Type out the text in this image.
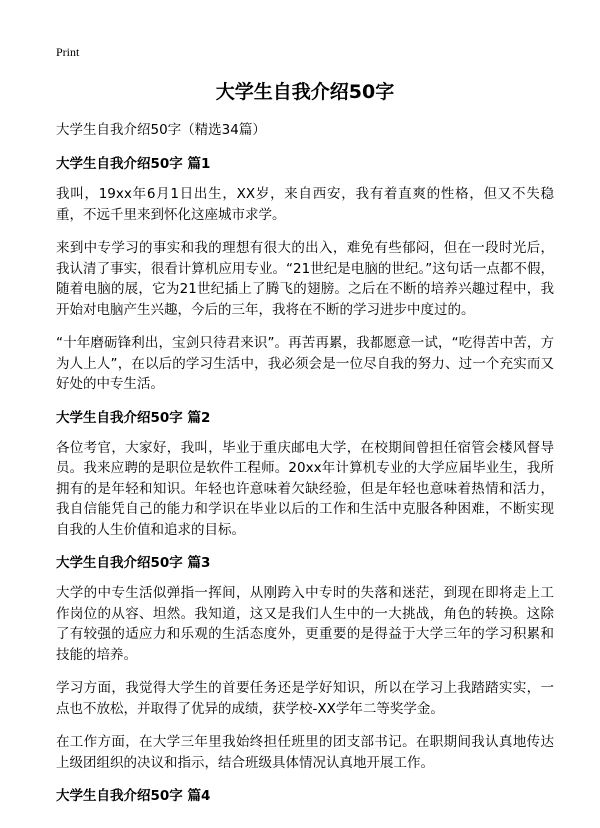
Print
大学生自我介绍50字
大学生自我介绍50字（精选34篇）
大学生自我介绍50字 篇1

我叫，19xx年6月1日出生，XX岁，来自西安，我有着直爽的性格，但又不失稳重，不远千里来到怀化这座城市求学。

来到中专学习的事实和我的理想有很大的出入，难免有些郁闷，但在一段时光后，我认清了事实，很看计算机应用专业。“21世纪是电脑的世纪。”这句话一点都不假，随着电脑的展，它为21世纪插上了腾飞的翅膀。之后在不断的培养兴趣过程中，我开始对电脑产生兴趣，今后的三年，我将在不断的学习进步中度过的。

“十年磨砺锋利出，宝剑只待君来识”。再苦再累，我都愿意一试，“吃得苦中苦，方为人上人”，在以后的学习生活中，我必须会是一位尽自我的努力、过一个充实而又好处的中专生活。

大学生自我介绍50字 篇2

各位考官，大家好，我叫，毕业于重庆邮电大学，在校期间曾担任宿管会楼风督导员。我来应聘的是职位是软件工程师。20xx年计算机专业的大学应届毕业生，我所拥有的是年轻和知识。年轻也许意味着欠缺经验，但是年轻也意味着热情和活力，我自信能凭自己的能力和学识在毕业以后的工作和生活中克服各种困难，不断实现自我的人生价值和追求的目标。

大学生自我介绍50字 篇3

大学的中专生活似弹指一挥间，从刚跨入中专时的失落和迷茫，到现在即将走上工作岗位的从容、坦然。我知道，这又是我们人生中的一大挑战，角色的转换。这除了有较强的适应力和乐观的生活态度外，更重要的是得益于大学三年的学习积累和技能的培养。

学习方面，我觉得大学生的首要任务还是学好知识，所以在学习上我踏踏实实，一点也不放松，并取得了优异的成绩，获学校-XX学年二等奖学金。

在工作方面，在大学三年里我始终担任班里的团支部书记。在职期间我认真地传达上级团组织的决议和指示，结合班级具体情况认真地开展工作。

大学生自我介绍50字 篇4
